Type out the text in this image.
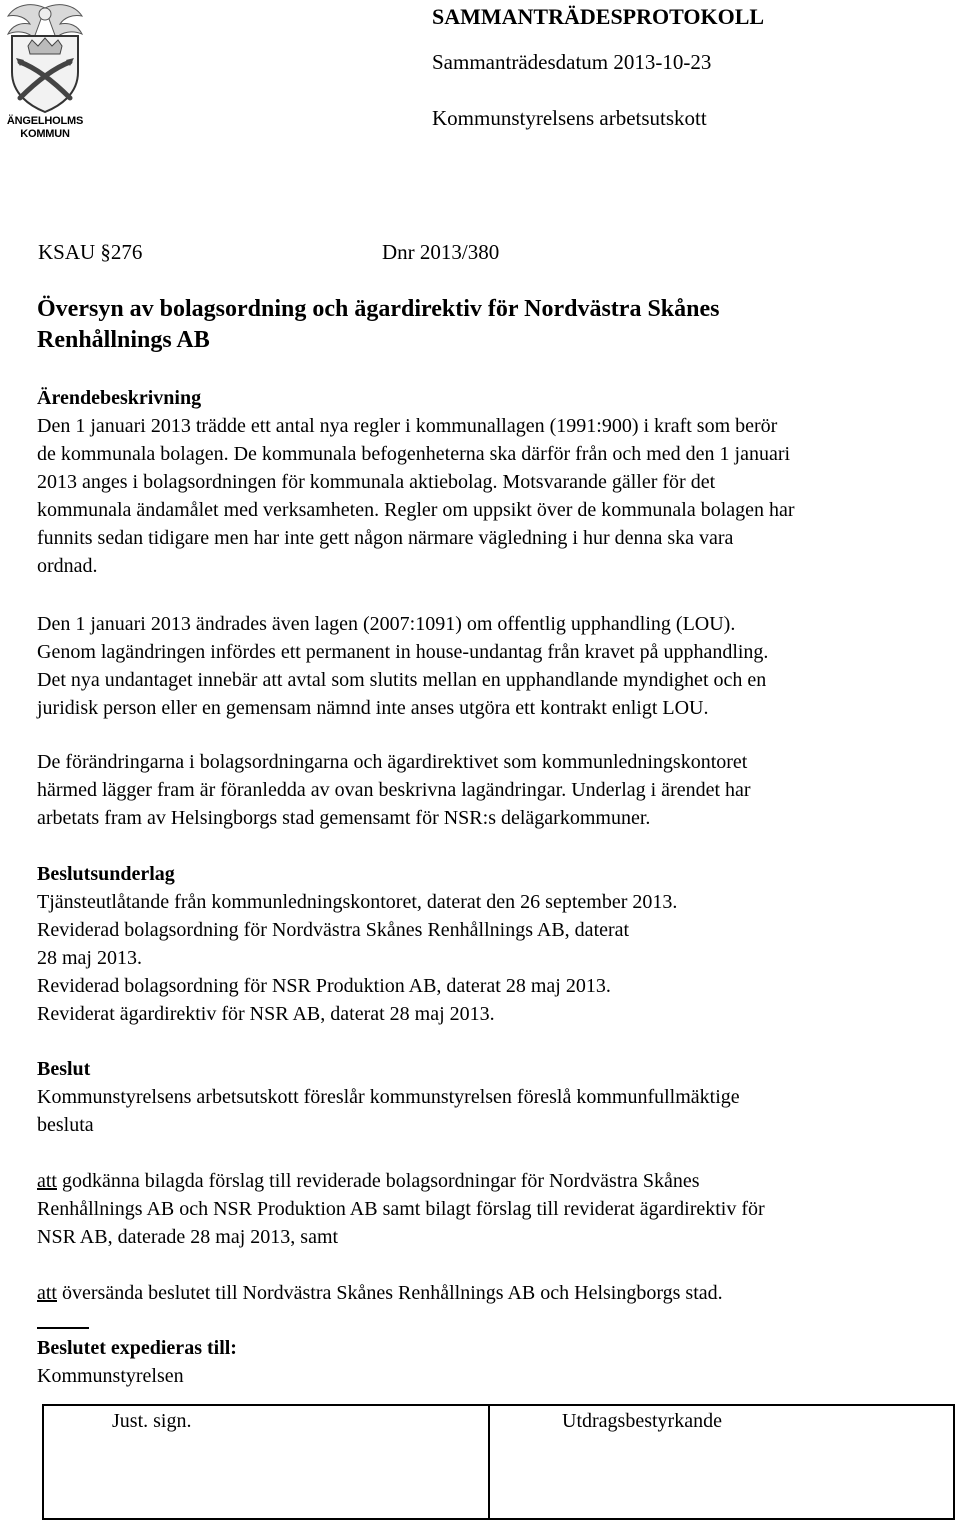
ÄNGELHOLMS
KOMMUN
SAMMANTRÄDESPROTOKOLL
Sammanträdesdatum 2013-10-23
Kommunstyrelsens arbetsutskott
KSAU §276	Dnr 2013/380
Översyn av bolagsordning och ägardirektiv för Nordvästra Skånes
Renhållnings AB
Ärendebeskrivning
Den 1 januari 2013 trädde ett antal nya regler i kommunallagen (1991:900) i kraft som berör
de kommunala bolagen. De kommunala befogenheterna ska därför från och med den 1 januari
2013 anges i bolagsordningen för kommunala aktiebolag. Motsvarande gäller för det
kommunala ändamålet med verksamheten. Regler om uppsikt över de kommunala bolagen har
funnits sedan tidigare men har inte gett någon närmare vägledning i hur denna ska vara
ordnad.
Den 1 januari 2013 ändrades även lagen (2007:1091) om offentlig upphandling (LOU).
Genom lagändringen infördes ett permanent in house-undantag från kravet på upphandling.
Det nya undantaget innebär att avtal som slutits mellan en upphandlande myndighet och en
juridisk person eller en gemensam nämnd inte anses utgöra ett kontrakt enligt LOU.
De förändringarna i bolagsordningarna och ägardirektivet som kommunledningskontoret
härmed lägger fram är föranledda av ovan beskrivna lagändringar. Underlag i ärendet har
arbetats fram av Helsingborgs stad gemensamt för NSR:s delägarkommuner.
Beslutsunderlag
Tjänsteutlåtande från kommunledningskontoret, daterat den 26 september 2013.
Reviderad bolagsordning för Nordvästra Skånes Renhållnings AB, daterat
28 maj 2013.
Reviderad bolagsordning för NSR Produktion AB, daterat 28 maj 2013.
Reviderat ägardirektiv för NSR AB, daterat 28 maj 2013.
Beslut
Kommunstyrelsens arbetsutskott föreslår kommunstyrelsen föreslå kommunfullmäktige
besluta
att godkänna bilagda förslag till reviderade bolagsordningar för Nordvästra Skånes
Renhållnings AB och NSR Produktion AB samt bilagt förslag till reviderat ägardirektiv för
NSR AB, daterade 28 maj 2013, samt
att översända beslutet till Nordvästra Skånes Renhållnings AB och Helsingborgs stad.
Beslutet expedieras till:
Kommunstyrelsen
Just. sign.	Utdragsbestyrkande
